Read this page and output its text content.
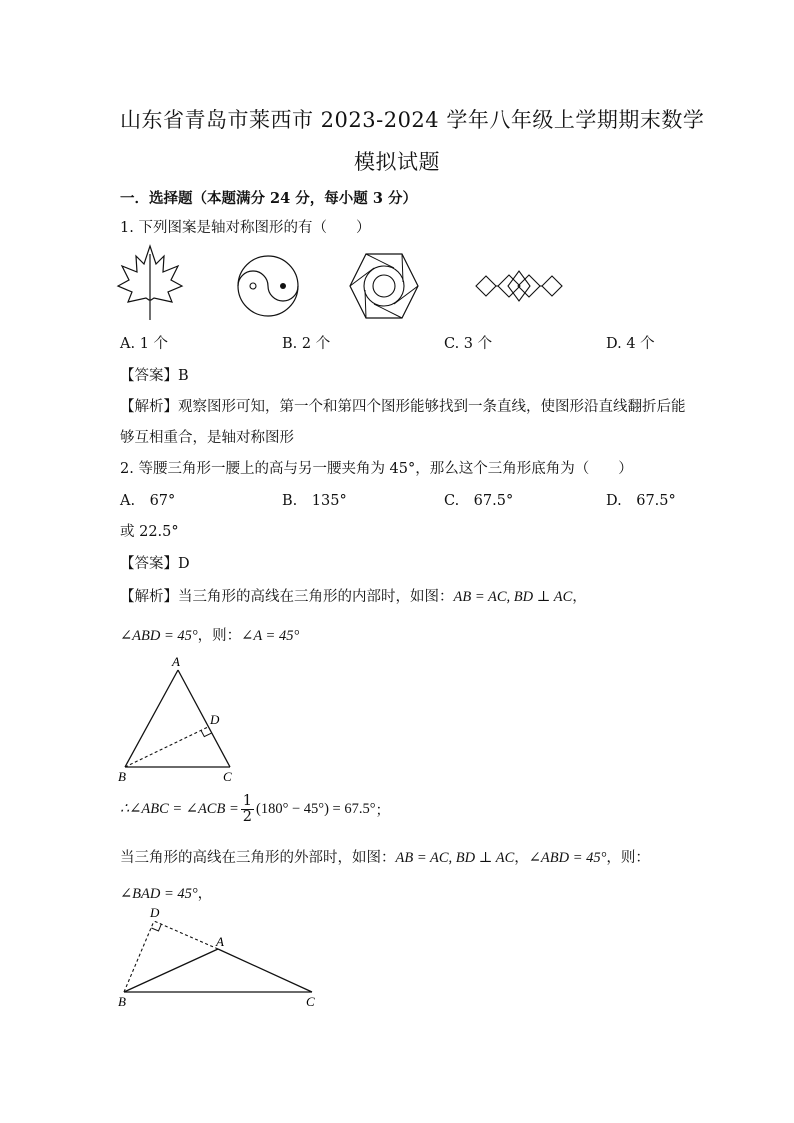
山东省青岛市莱西市 2023-2024 学年八年级上学期期末数学
模拟试题
一．选择题（本题满分 24 分，每小题 3 分）
1. 下列图案是轴对称图形的有（　　）
A. 1 个	B. 2 个	C. 3 个	D. 4 个
【答案】B
【解析】观察图形可知，第一个和第四个图形能够找到一条直线，使图形沿直线翻折后能
够互相重合，是轴对称图形
2. 等腰三角形一腰上的高与另一腰夹角为 45°，那么这个三角形底角为（　　）
A.　67°	B.　135°	C.　67.5°	D.　67.5°
或 22.5°
【答案】D
【解析】当三角形的高线在三角形的内部时，如图：AB = AC, BD ⊥ AC，
∠ABD = 45°，则：∠A = 45°
A
D
B	C
∴∠ABC = ∠ACB = $\frac{1}{2} (180^\circ - 45^\circ) = 67.5^\circ$ ；
当三角形的高线在三角形的外部时，如图：AB = AC, BD ⊥ AC，∠ABD = 45°，则：
∠BAD = 45°，
D
A
B	C
